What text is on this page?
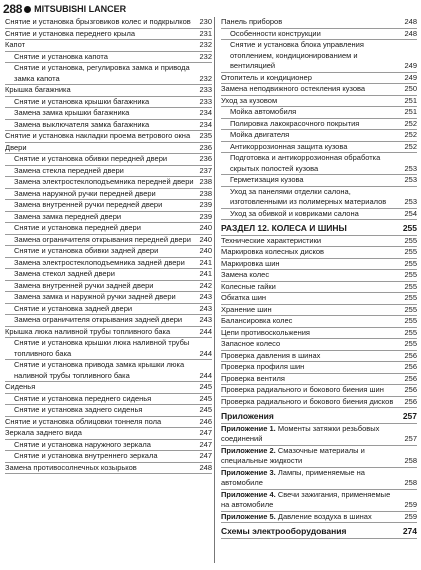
288 MITSUBISHI LANCER
Снятие и установка брызговиков колес и подкрылков 230
Снятие и установка переднего крыла	231
Капот	232
Снятие и установка капота	232
Снятие и установка, регулировка замка и привода замка капота	232
Крышка багажника	233
Снятие и установка крышки багажника	233
Замена замка крышки багажника	234
Замена выключателя замка багажника	234
Снятие и установка накладки проема ветрового окна 235
Двери	236
Снятие и установка обивки передней двери	236
Замена стекла передней двери	237
Замена электростеклоподъемника передней двери 238
Замена наружной ручки передней двери	238
Замена внутренней ручки передней двери	239
Замена замка передней двери	239
Снятие и установка передней двери	240
Замена ограничителя открывания передней двери 240
Снятие и установка обивки задней двери	240
Замена электростеклоподъемника задней двери 241
Замена стекол задней двери	241
Замена внутренней ручки задней двери	242
Замена замка и наружной ручки задней двери	243
Снятие и установка задней двери	243
Замена ограничителя открывания задней двери 243
Крышка люка наливной трубы топливного бака	244
Снятие и установка крышки люка наливной трубы топливного бака	244
Снятие и установка привода замка крышки люка наливной трубы топливного бака	244
Сиденья	245
Снятие и установка переднего сиденья	245
Снятие и установка заднего сиденья	245
Снятие и установка облицовки тоннеля пола	246
Зеркала заднего вида	247
Снятие и установка наружного зеркала	247
Снятие и установка внутреннего зеркала	247
Замена противосолнечных козырьков	248
Панель приборов	248
Особенности конструкции	248
Снятие и установка блока управления отоплением, кондиционированием и вентиляцией	249
Отопитель и кондиционер	249
Замена неподвижного остекления кузова	250
Уход за кузовом	251
Мойка автомобиля	251
Полировка лакокрасочного покрытия	252
Мойка двигателя	252
Антикоррозионная защита кузова	252
Подготовка и антикоррозионная обработка скрытых полостей кузова	253
Герметизация кузова	253
Уход за панелями отделки салона, изготовленными из полимерных материалов 253
Уход за обивкой и ковриками салона	254
РАЗДЕЛ 12. КОЛЕСА И ШИНЫ	255
Технические характеристики	255
Маркировка колесных дисков	255
Маркировка шин	255
Замена колес	255
Колесные гайки	255
Обкатка шин	255
Хранение шин	255
Балансировка колес	255
Цепи противоскольжения	255
Запасное колесо	255
Проверка давления в шинах	256
Проверка профиля шин	256
Проверка вентиля	256
Проверка радиального и бокового биения шин	256
Проверка радиального и бокового биения дисков 256
Приложения	257
Приложение 1. Моменты затяжки резьбовых соединений	257
Приложение 2. Смазочные материалы и специальные жидкости	258
Приложение 3. Лампы, применяемые на автомобиле	258
Приложение 4. Свечи зажигания, применяемые на автомобиле	259
Приложение 5. Давление воздуха в шинах	259
Схемы электрооборудования	274
